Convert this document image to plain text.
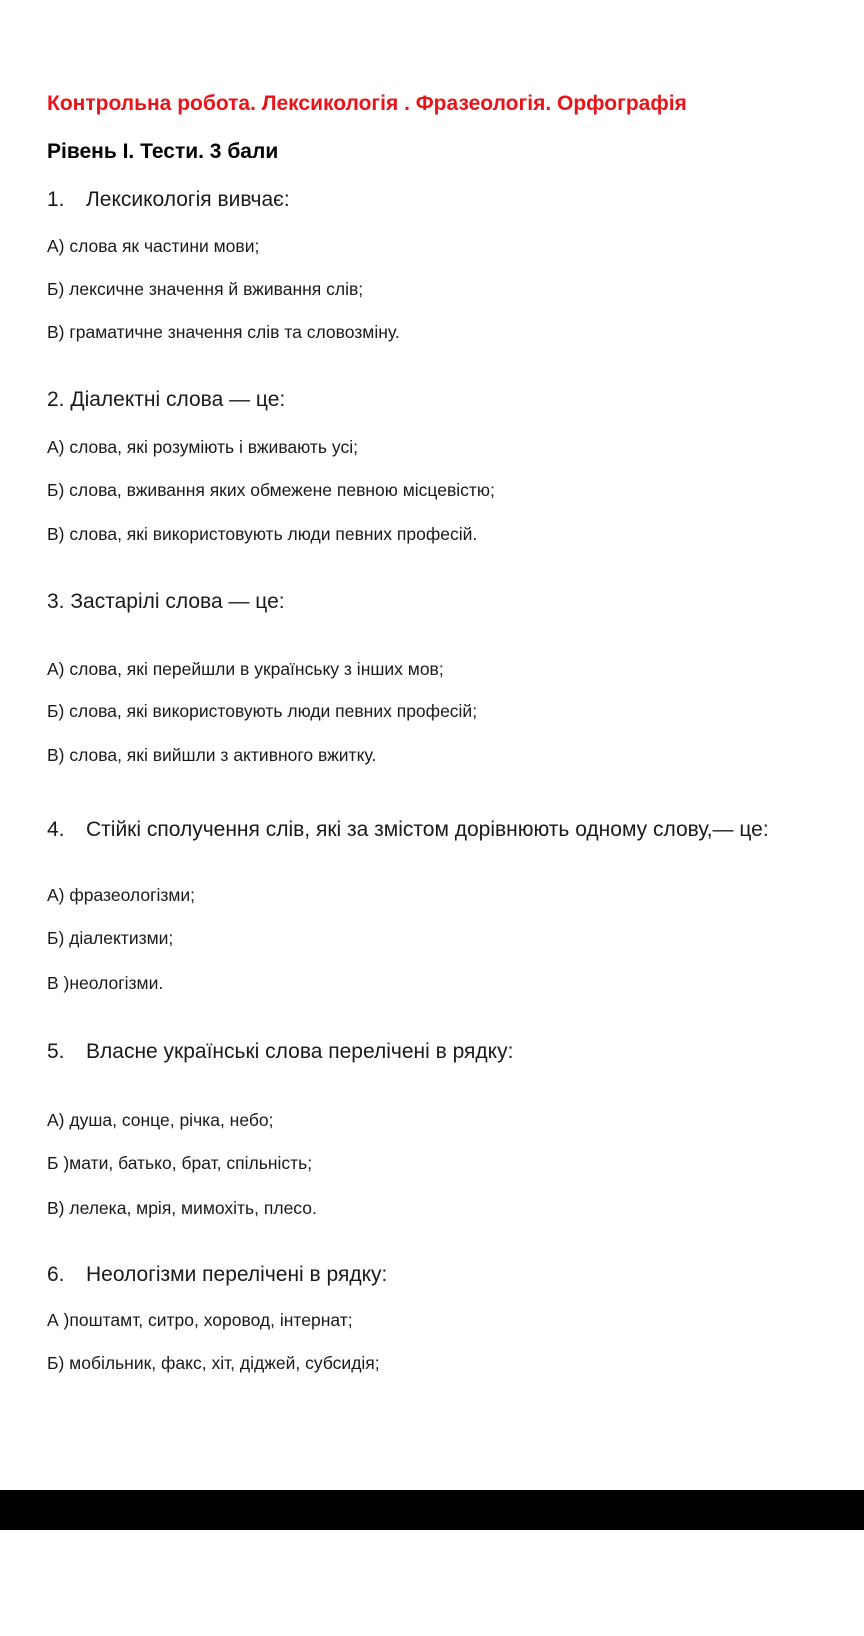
Контрольна робота. Лексикологія . Фразеологія. Орфографія
Рівень І. Тести. 3 бали
1. Лексикологія вивчає:
А) слова як частини мови;
Б) лексичне значення й вживання слів;
В) граматичне значення слів та словозміну.
2. Діалектні слова — це:
А) слова, які розуміють і вживають усі;
Б) слова, вживання яких обмежене певною місцевістю;
В) слова, які використовують люди певних професій.
3. Застарілі слова — це:
А) слова, які перейшли в українську з інших мов;
Б) слова, які використовують люди певних професій;
В) слова, які вийшли з активного вжитку.
4. Стійкі сполучення слів, які за змістом дорівнюють одному слову,— це:
А) фразеологізми;
Б) діалектизми;
В )неологізми.
5. Власне українські слова перелічені в рядку:
А) душа, сонце, річка, небо;
Б )мати, батько, брат, спільність;
В) лелека, мрія, мимохіть, плесо.
6. Неологізми перелічені в рядку:
А )поштамт, ситро, хоровод, інтернат;
Б) мобільник, факс, хіт, діджей, субсидія;
